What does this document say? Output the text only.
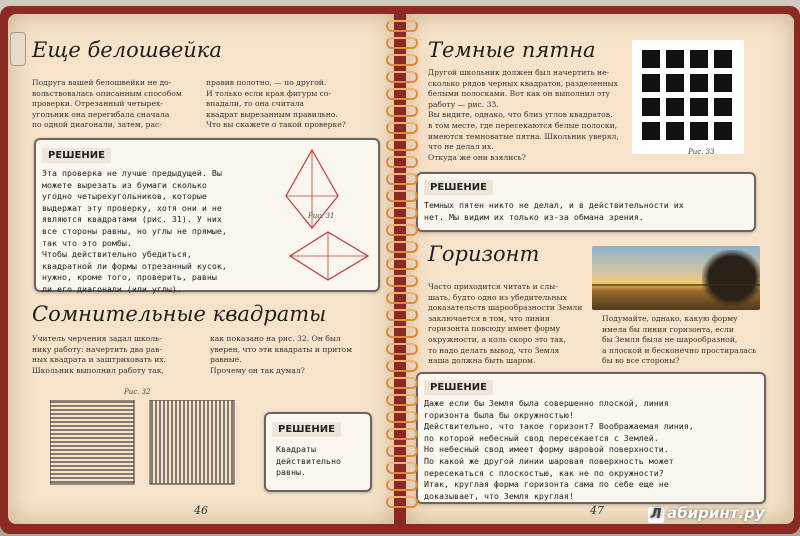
Еще белошвейка
Подруга вашей белошвейки не до-
вольствовалась описанным способом
проверки. Отрезанный четырех-
угольник она перегибала сначала
по одной диагонали, затем, рас-
правив полотно, — по другой.
И только если края фигуры со-
впадали, то она считала
квадрат вырезанным правильно.
Что вы скажете о такой проверке?
РЕШЕНИЕ
Эта проверка не лучше предыдущей. Вы
можете вырезать из бумаги сколько
угодно четырехугольников, которые
выдержат эту проверку, хотя они и не
являются квадратами (рис. 31). У них
все стороны равны, но углы не прямые,
так что это ромбы.
Чтобы действительно убедиться,
квадратной ли формы отрезанный кусок,
нужно, кроме того, проверить, равны
ли его диагонали (или углы).
Рис. 31
Сомнительные квадраты
Учитель черчения задал школь-
нику работу: начертить два рав-
ных квадрата и заштриховать их.
Школьник выполнил работу так,
как показано на рис. 32. Он был
уверен, что эти квадраты и притом
равные.
Прочему он так думал?
Рис. 32
РЕШЕНИЕ
Квадраты
действительно
равны.
46
Темные пятна
Другой школьник должен был начертить не-
сколько рядов черных квадратов, разделенных
белыми полосками. Вот как он выполнил эту
работу — рис. 33.
Вы видите, однако, что близ углов квадратов,
в том месте, где пересекаются белые полоски,
имеются темноватые пятна. Школьник уверял,
что не делал их.
Откуда же они взялись?
Рис. 33
РЕШЕНИЕ
Темных пятен никто не делал, и в действительности их
нет. Мы видим их только из-за обмана зрения.
Горизонт
Часто приходится читать и слы-
шать, будто одно из убедительных
доказательств шарообразности Земли
заключается в том, что линия
горизонта повсюду имеет форму
окружности, а коль скоро это так,
то надо делать вывод, что Земля
наша должна быть шаром.
Подумайте, однако, какую форму
имела бы линия горизонта, если
бы Земля была не шарообразной,
а плоской и бесконечно простиралась
бы во все стороны?
РЕШЕНИЕ
Даже если бы Земля была совершенно плоской, линия
горизонта была бы окружностью!
Действительно, что такое горизонт? Воображаемая линия,
по которой небесный свод пересекается с Землей.
Но небесный свод имеет форму шаровой поверхности.
По какой же другой линии шаровая поверхность может
пересекаться с плоскостью, как не по окружности?
Итак, круглая форма горизонта сама по себе еще не
доказывает, что Земля круглая!
47	Л абиринт.ру
